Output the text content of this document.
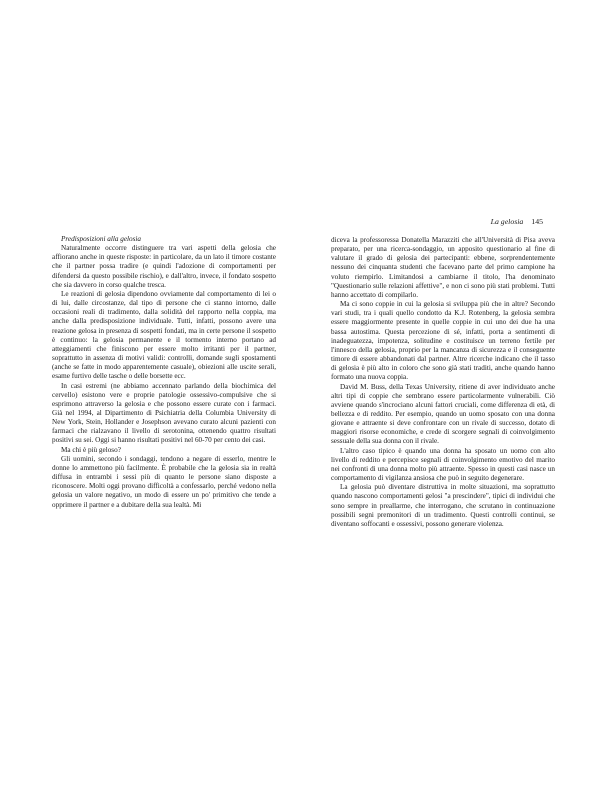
La gelosia 145

Predisposizioni alla gelosia

Naturalmente occorre distinguere tra vari aspetti della gelosia che affiorano anche in queste risposte: in particolare, da un lato il timore costante che il partner possa tradire (e quindi l'adozione di comportamenti per difendersi da questo possibile rischio), e dall'altro, invece, il fondato sospetto che sia davvero in corso qualche tresca.

Le reazioni di gelosia dipendono ovviamente dal comportamento di lei o di lui, dalle circostanze, dal tipo di persone che ci stanno intorno, dalle occasioni reali di tradimento, dalla solidità del rapporto nella coppia, ma anche dalla predisposizione individuale. Tutti, infatti, possono avere una reazione gelosa in presenza di sospetti fondati, ma in certe persone il sospetto è continuo: la gelosia permanente e il tormento interno portano ad atteggiamenti che finiscono per essere molto irritanti per il partner, soprattutto in assenza di motivi validi: controlli, domande sugli spostamenti (anche se fatte in modo apparentemente casuale), obiezioni alle uscite serali, esame furtivo delle tasche o delle borsette ecc.

In casi estremi (ne abbiamo accennato parlando della biochimica del cervello) esistono vere e proprie patologie ossessivo-compulsive che si esprimono attraverso la gelosia e che possono essere curate con i farmaci. Già nel 1994, al Dipartimento di Psichiatria della Columbia University di New York, Stein, Hollander e Josephson avevano curato alcuni pazienti con farmaci che rialzavano il livello di serotonina, ottenendo quattro risultati positivi su sei. Oggi si hanno risultati positivi nel 60-70 per cento dei casi.

Ma chi è più geloso?

Gli uomini, secondo i sondaggi, tendono a negare di esserlo, mentre le donne lo ammettono più facilmente. È probabile che la gelosia sia in realtà diffusa in entrambi i sessi più di quanto le persone siano disposte a riconoscere. Molti oggi provano difficoltà a confessarlo, perché vedono nella gelosia un valore negativo, un modo di essere un po' primitivo che tende a opprimere il partner e a dubitare della sua lealtà. Mi

diceva la professoressa Donatella Marazziti che all'Università di Pisa aveva preparato, per una ricerca-sondaggio, un apposito questionario al fine di valutare il grado di gelosia dei partecipanti: ebbene, sorprendentemente nessuno dei cinquanta studenti che facevano parte del primo campione ha voluto riempirlo. Limitandosi a cambiarne il titolo, l'ha denominato "Questionario sulle relazioni affettive", e non ci sono più stati problemi. Tutti hanno accettato di compilarlo.

Ma ci sono coppie in cui la gelosia si sviluppa più che in altre? Secondo vari studi, tra i quali quello condotto da K.J. Rotenberg, la gelosia sembra essere maggiormente presente in quelle coppie in cui uno dei due ha una bassa autostima. Questa percezione di sé, infatti, porta a sentimenti di inadeguatezza, impotenza, solitudine e costituisce un terreno fertile per l'innesco della gelosia, proprio per la mancanza di sicurezza e il conseguente timore di essere abbandonati dal partner. Altre ricerche indicano che il tasso di gelosia è più alto in coloro che sono già stati traditi, anche quando hanno formato una nuova coppia.

David M. Buss, della Texas University, ritiene di aver individuato anche altri tipi di coppie che sembrano essere particolarmente vulnerabili. Ciò avviene quando s'incrociano alcuni fattori cruciali, come differenza di età, di bellezza e di reddito. Per esempio, quando un uomo sposato con una donna giovane e attraente si deve confrontare con un rivale di successo, dotato di maggiori risorse economiche, e crede di scorgere segnali di coinvolgimento sessuale della sua donna con il rivale.

L'altro caso tipico è quando una donna ha sposato un uomo con alto livello di reddito e percepisce segnali di coinvolgimento emotivo del marito nei confronti di una donna molto più attraente. Spesso in questi casi nasce un comportamento di vigilanza ansiosa che può in seguito degenerare.

La gelosia può diventare distruttiva in molte situazioni, ma soprattutto quando nascono comportamenti gelosi "a prescindere", tipici di individui che sono sempre in preallarme, che interrogano, che scrutano in continuazione possibili segni premonitori di un tradimento. Questi controlli continui, se diventano soffocanti e ossessivi, possono generare violenza.
